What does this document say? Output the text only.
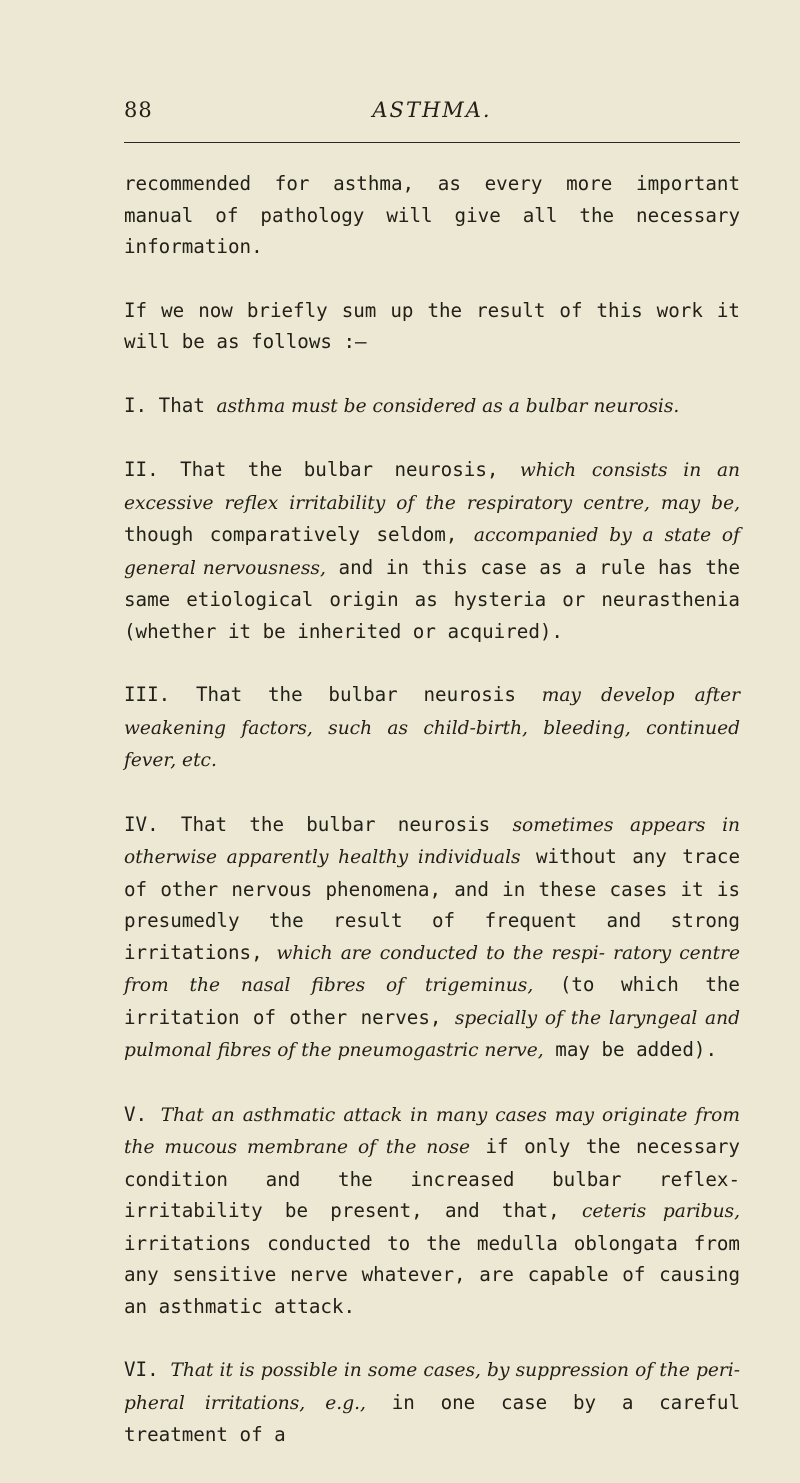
88	ASTHMA.

recommended for asthma, as every more important manual of pathology will give all the necessary information.

If we now briefly sum up the result of this work it will be as follows :—

I. That asthma must be considered as a bulbar neurosis.

II. That the bulbar neurosis, which consists in an excessive reflex irritability of the respiratory centre, may be, though comparatively seldom, accompanied by a state of general nervousness, and in this case as a rule has the same etiological origin as hysteria or neurasthenia (whether it be inherited or acquired).

III. That the bulbar neurosis may develop after weakening factors, such as child-birth, bleeding, continued fever, etc.

IV. That the bulbar neurosis sometimes appears in otherwise apparently healthy individuals without any trace of other nervous phenomena, and in these cases it is presumedly the result of frequent and strong irritations, which are conducted to the respi- ratory centre from the nasal fibres of trigeminus, (to which the irritation of other nerves, specially of the laryngeal and pulmonal fibres of the pneumogastric nerve, may be added).

V. That an asthmatic attack in many cases may originate from the mucous membrane of the nose if only the necessary condition and the increased bulbar reflex-irritability be present, and that, ceteris paribus, irritations conducted to the medulla oblongata from any sensitive nerve whatever, are capable of causing an asthmatic attack.

VI. That it is possible in some cases, by suppression of the peri- pheral irritations, e.g., in one case by a careful treatment of a
